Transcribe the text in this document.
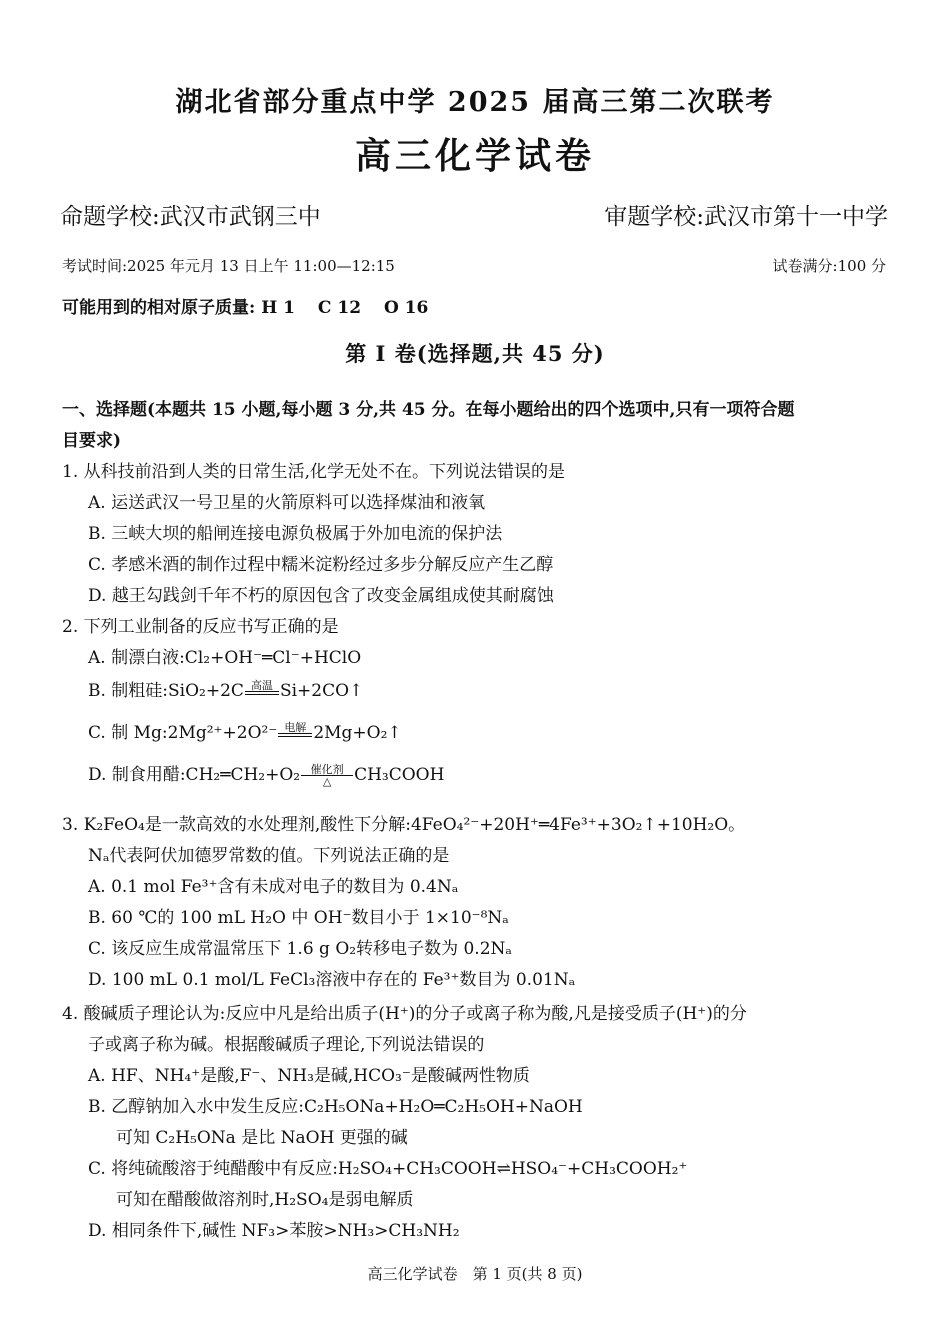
湖北省部分重点中学 2025 届高三第二次联考
高三化学试卷
命题学校:武汉市武钢三中	审题学校:武汉市第十一中学
考试时间:2025 年元月 13 日上午 11:00—12:15	试卷满分:100 分
可能用到的相对原子质量: H 1　 C 12　 O 16
第 Ⅰ 卷(选择题,共 45 分)
一、选择题(本题共 15 小题,每小题 3 分,共 45 分。在每小题给出的四个选项中,只有一项符合题
目要求)
1. 从科技前沿到人类的日常生活,化学无处不在。下列说法错误的是
A. 运送武汉一号卫星的火箭原料可以选择煤油和液氧
B. 三峡大坝的船闸连接电源负极属于外加电流的保护法
C. 孝感米酒的制作过程中糯米淀粉经过多步分解反应产生乙醇
D. 越王勾践剑千年不朽的原因包含了改变金属组成使其耐腐蚀
2. 下列工业制备的反应书写正确的是
A. 制漂白液:Cl₂+OH⁻═Cl⁻+HClO
B. 制粗硅:SiO₂+2C 高温 Si+2CO↑
C. 制 Mg:2Mg²⁺+2O²⁻ 电解 2Mg+O₂↑
D. 制食用醋:CH₂═CH₂+O₂ 催化剂
△	CH₃COOH
3. K₂FeO₄是一款高效的水处理剂,酸性下分解:4FeO₄²⁻+20H⁺═4Fe³⁺+3O₂↑+10H₂O。
Nₐ代表阿伏加德罗常数的值。下列说法正确的是
A. 0.1 mol Fe³⁺含有未成对电子的数目为 0.4Nₐ
B. 60 ℃的 100 mL H₂O 中 OH⁻数目小于 1×10⁻⁸Nₐ
C. 该反应生成常温常压下 1.6 g O₂转移电子数为 0.2Nₐ
D. 100 mL 0.1 mol/L FeCl₃溶液中存在的 Fe³⁺数目为 0.01Nₐ
4. 酸碱质子理论认为:反应中凡是给出质子(H⁺)的分子或离子称为酸,凡是接受质子(H⁺)的分
子或离子称为碱。根据酸碱质子理论,下列说法错误的
A. HF、NH₄⁺是酸,F⁻、NH₃是碱,HCO₃⁻是酸碱两性物质
B. 乙醇钠加入水中发生反应:C₂H₅ONa+H₂O═C₂H₅OH+NaOH
可知 C₂H₅ONa 是比 NaOH 更强的碱
C. 将纯硫酸溶于纯醋酸中有反应:H₂SO₄+CH₃COOH⇌HSO₄⁻+CH₃COOH₂⁺
可知在醋酸做溶剂时,H₂SO₄是弱电解质
D. 相同条件下,碱性 NF₃>苯胺>NH₃>CH₃NH₂
高三化学试卷　第 1 页(共 8 页)
